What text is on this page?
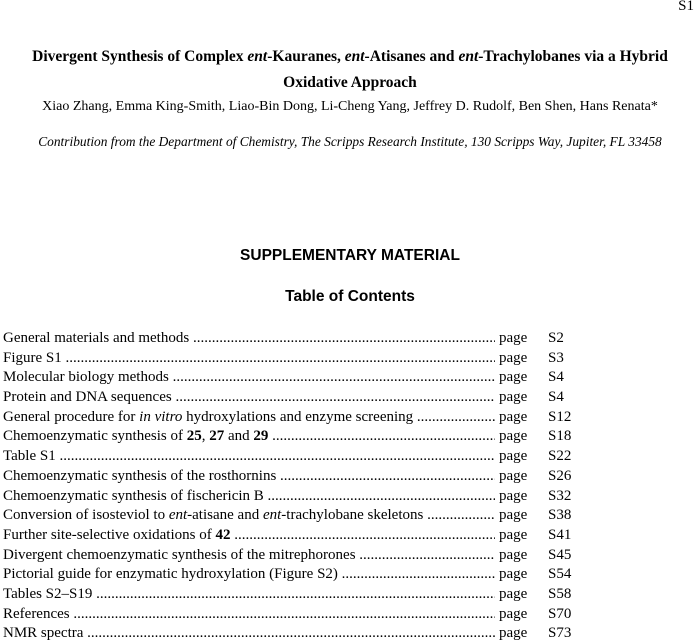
S1
Divergent Synthesis of Complex ent-Kauranes, ent-Atisanes and ent-Trachylobanes via a Hybrid
Oxidative Approach
Xiao Zhang, Emma King-Smith, Liao-Bin Dong, Li-Cheng Yang, Jeffrey D. Rudolf, Ben Shen, Hans Renata*
Contribution from the Department of Chemistry, The Scripps Research Institute, 130 Scripps Way, Jupiter, FL 33458
SUPPLEMENTARY MATERIAL
Table of Contents
General materials and methods .....	page S2
Figure S1 .....	page S3
Molecular biology methods .....	page S4
Protein and DNA sequences .....	page S4
General procedure for in vitro hydroxylations and enzyme screening .....	page S12
Chemoenzymatic synthesis of 25, 27 and 29 .....	page S18
Table S1 .....	page S22
Chemoenzymatic synthesis of the rosthornins .....	page S26
Chemoenzymatic synthesis of fischericin B .....	page S32
Conversion of isosteviol to ent-atisane and ent-trachylobane skeletons .....	page S38
Further site-selective oxidations of 42 .....	page S41
Divergent chemoenzymatic synthesis of the mitrephorones .....	page S45
Pictorial guide for enzymatic hydroxylation (Figure S2) .....	page S54
Tables S2–S19 .....	page S58
References .....	page S70
NMR spectra .....	page S73
